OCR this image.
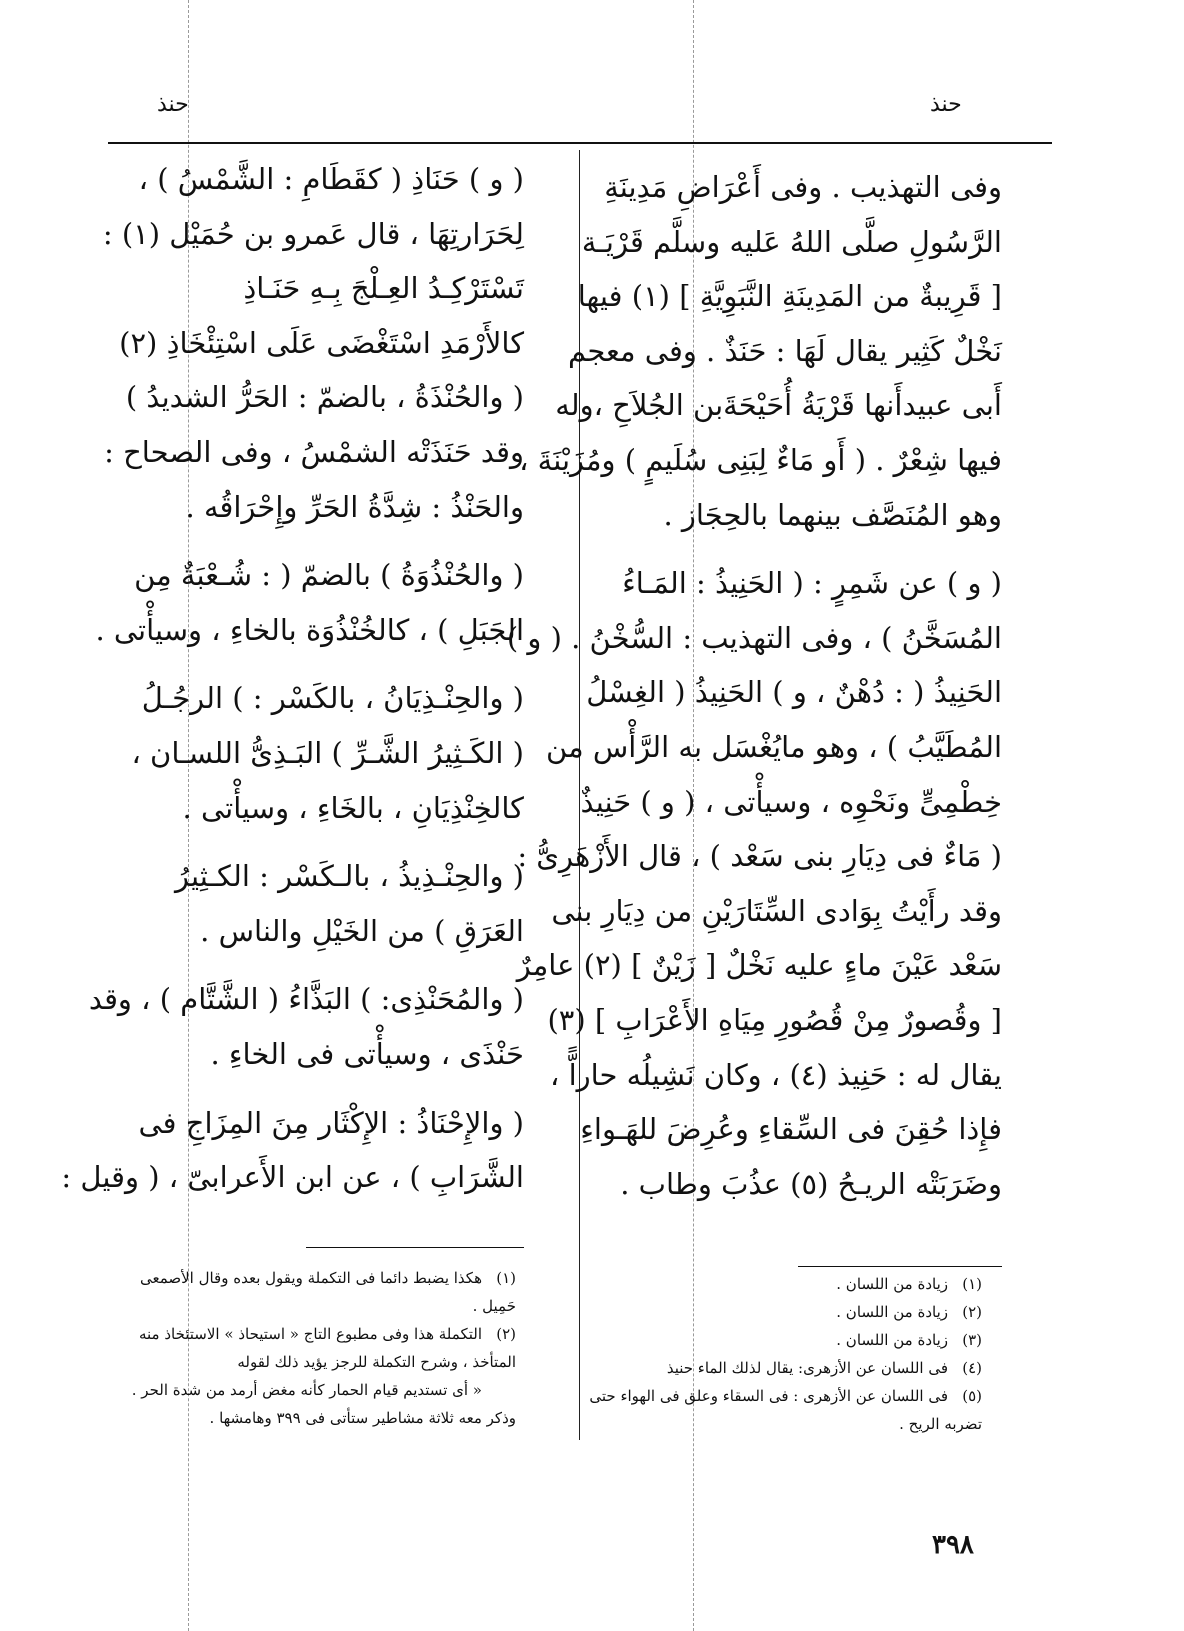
حنذ
حنذ
وفى التهذيب . وفى أَعْرَاضِ مَدِينَةِ
الرَّسُولِ صلَّى اللهُ عَليه وسلَّم قَرْيَـة
[ قَرِيبةٌ من المَدِينَةِ النَّبَوِيَّةِ ] (١) فيها
نَخْلٌ كَثِير يقال لَهَا : حَنَذٌ . وفى معجم
أَبى عبيدأَنها قَرْيَةُ أُحَيْحَةَبن الجُلاَحِ ،وله
فيها شِعْرٌ . ( أَو مَاءٌ لِبَنِى سُلَيمٍ ) ومُزَيْنَةَ ،
وهو المُنَصَّف بينهما بالحِجَاز .
( و ) عن شَمِرٍ : ( الحَنِيذُ : المَـاءُ
المُسَخَّنُ ) ، وفى التهذيب : السُّخْنُ . ( و )
الحَنِيذُ ( : دُهْنٌ ، و ) الحَنِيذُ ( الغِسْلُ
المُطَيَّبُ ) ، وهو مايُغْسَل به الرَّأْس من
خِطْمِىٍّ ونَحْوِه ، وسيأْتى ، ( و ) حَنِيذٌ
( مَاءٌ فى دِيَارِ بنى سَعْد ) ، قال الأَزْهَرِىُّ :
وقد رأَيْتُ بِوَادى السِّتَارَيْنِ من دِيَارِ بنى
سَعْد عَيْنَ ماءٍ عليه نَخْلٌ [ زَيْنٌ ] (٢) عامِرٌ
[ وقُصورٌ مِنْ قُصُورِ مِيَاهِ الأَعْرَابِ ] (٣)
يقال له : حَنِيذ (٤) ، وكان نَشِيلُه حاراًّ ،
فإِذا حُقِنَ فى السِّقاءِ وعُرِضَ للهَـواءِ
وضَرَبَتْه الريـحُ (٥) عذُبَ وطاب .
( و ) حَنَاذِ ( كقَطَامِ : الشَّمْسُ ) ،
لِحَرَارتِهَا ، قال عَمرو بن حُمَيْل (١) :
تَسْتَرْكِـدُ العِـلْجَ بِـهِ حَنَـاذِ
كالأَرْمَدِ اسْتَغْضَى عَلَى اسْتِئْخَاذِ (٢)
( والحُنْذَةُ ، بالضمّ : الحَرُّ الشديدُ )
وقد حَنَذَتْه الشمْسُ ، وفى الصحاح :
والحَنْذُ : شِدَّةُ الحَرِّ وإِحْرَاقُه .
( والحُنْذُوَةُ ) بالضمّ ( : شُـعْبَةٌ مِن
الجَبَلِ ) ، كالخُنْذُوَة بالخاءِ ، وسيأْتى .
( والحِنْـذِيَانُ ، بالكَسْر : ) الرجُـلُ
( الكَـثِيرُ الشَّـرِّ ) البَـذِىُّ اللسـان ،
كالخِنْذِيَانِ ، بالخَاءِ ، وسيأْتى .
( والحِنْـذِيذُ ، بالـكَسْر : الكـثِيرُ
العَرَقِ ) من الخَيْلِ والناس .
( والمُحَنْذِى: ) البَذَّاءُ ( الشَّتَّام ) ، وقد
حَنْذَى ، وسيأْتى فى الخاءِ .
( والإِحْنَاذُ : الإِكْثَار مِنَ المِزَاجِ فى
الشَّرَابِ ) ، عن ابن الأَعرابىّ ، ( وقيل :
(١)
زيادة من اللسان .
(٢)
زيادة من اللسان .
(٣)
زيادة من اللسان .
(٤)
فى اللسان عن الأزهرى: يقال لذلك الماء حنيذ
(٥)
فى اللسان عن الأزهرى : فى السقاء وعلق فى الهواء حتى
تضربه الريح .
(١)
هكذا يضبط دائما فى التكملة ويقول بعده وقال الأصمعى
حَمِيل .
(٢)
التكملة هذا وفى مطبوع التاج « استيحاذ » الاستئخاذ منه
المتأخذ ، وشرح التكملة للرجز يؤيد ذلك لقوله
« أى تستديم قيام الحمار كأنه مغض أرمد من شدة الحر .
وذكر معه ثلاثة مشاطير ستأتى فى ٣٩٩ وهامشها .
٣٩٨
